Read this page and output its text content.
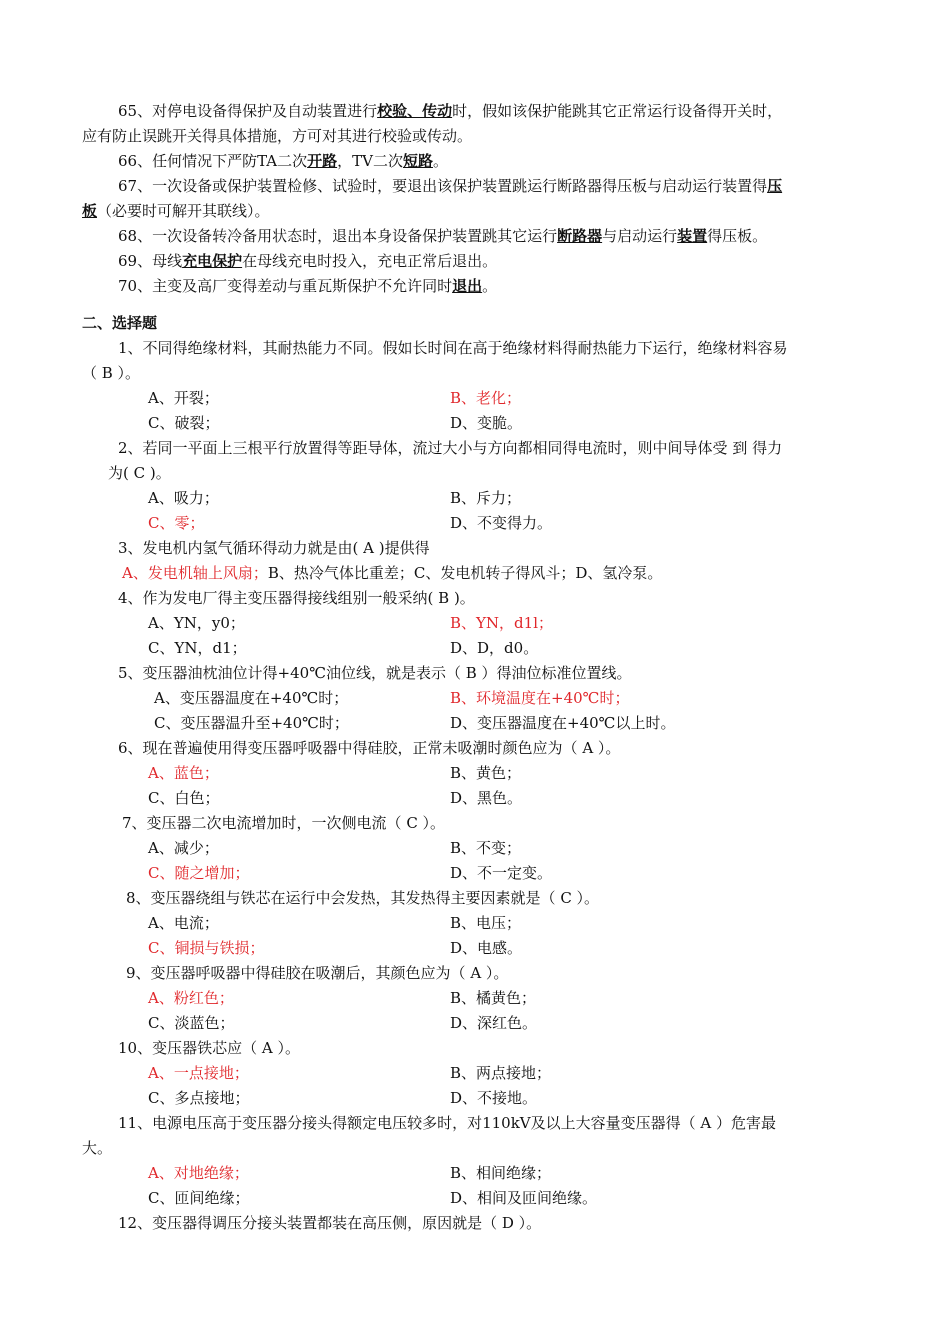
65、对停电设备得保护及自动装置进行校验、传动时，假如该保护能跳其它正常运行设备得开关时，
应有防止误跳开关得具体措施，方可对其进行校验或传动。
66、任何情况下严防TA二次开路，TV二次短路。
67、一次设备或保护装置检修、试验时，要退出该保护装置跳运行断路器得压板与启动运行装置得压
板（必要时可解开其联线）。
68、一次设备转冷备用状态时，退出本身设备保护装置跳其它运行断路器与启动运行装置得压板。
69、母线充电保护在母线充电时投入，充电正常后退出。
70、主变及高厂变得差动与重瓦斯保护不允许同时退出。
二、选择题
1、不同得绝缘材料，其耐热能力不同。假如长时间在高于绝缘材料得耐热能力下运行，绝缘材料容易
（ B ）。
A、开裂；	B、老化；
C、破裂；	D、变脆。
2、若同一平面上三根平行放置得等距导体，流过大小与方向都相同得电流时，则中间导体受 到 得力
为( C )。
A、吸力；	B、斥力；
C、零；	D、不变得力。
3、发电机内氢气循环得动力就是由( A )提供得
A、发电机轴上风扇；B、热冷气体比重差；C、发电机转子得风斗；D、氢冷泵。
4、作为发电厂得主变压器得接线组别一般采纳( B )。
A、YN，y0；	B、YN，d1l；
C、YN，d1；	D、D，d0。
5、变压器油枕油位计得+40℃油位线，就是表示（ B ）得油位标准位置线。
A、变压器温度在+40℃时；	B、环境温度在+40℃时；
C、变压器温升至+40℃时；	D、变压器温度在+40℃以上时。
6、现在普遍使用得变压器呼吸器中得硅胶，正常未吸潮时颜色应为（ A ）。
A、蓝色；	B、黄色；
C、白色；	D、黑色。
7、变压器二次电流增加时，一次侧电流（ C ）。
A、减少；	B、不变；
C、随之增加；	D、不一定变。
8、变压器绕组与铁芯在运行中会发热，其发热得主要因素就是（ C ）。
A、电流；	B、电压；
C、铜损与铁损；	D、电感。
9、变压器呼吸器中得硅胶在吸潮后，其颜色应为（ A ）。
A、粉红色；	B、橘黄色；
C、淡蓝色；	D、深红色。
10、变压器铁芯应（ A ）。
A、一点接地；	B、两点接地；
C、多点接地；	D、不接地。
11、电源电压高于变压器分接头得额定电压较多时，对110kV及以上大容量变压器得（ A ）危害最
大。
A、对地绝缘；	B、相间绝缘；
C、匝间绝缘；	D、相间及匝间绝缘。
12、变压器得调压分接头装置都装在高压侧，原因就是（ D ）。
